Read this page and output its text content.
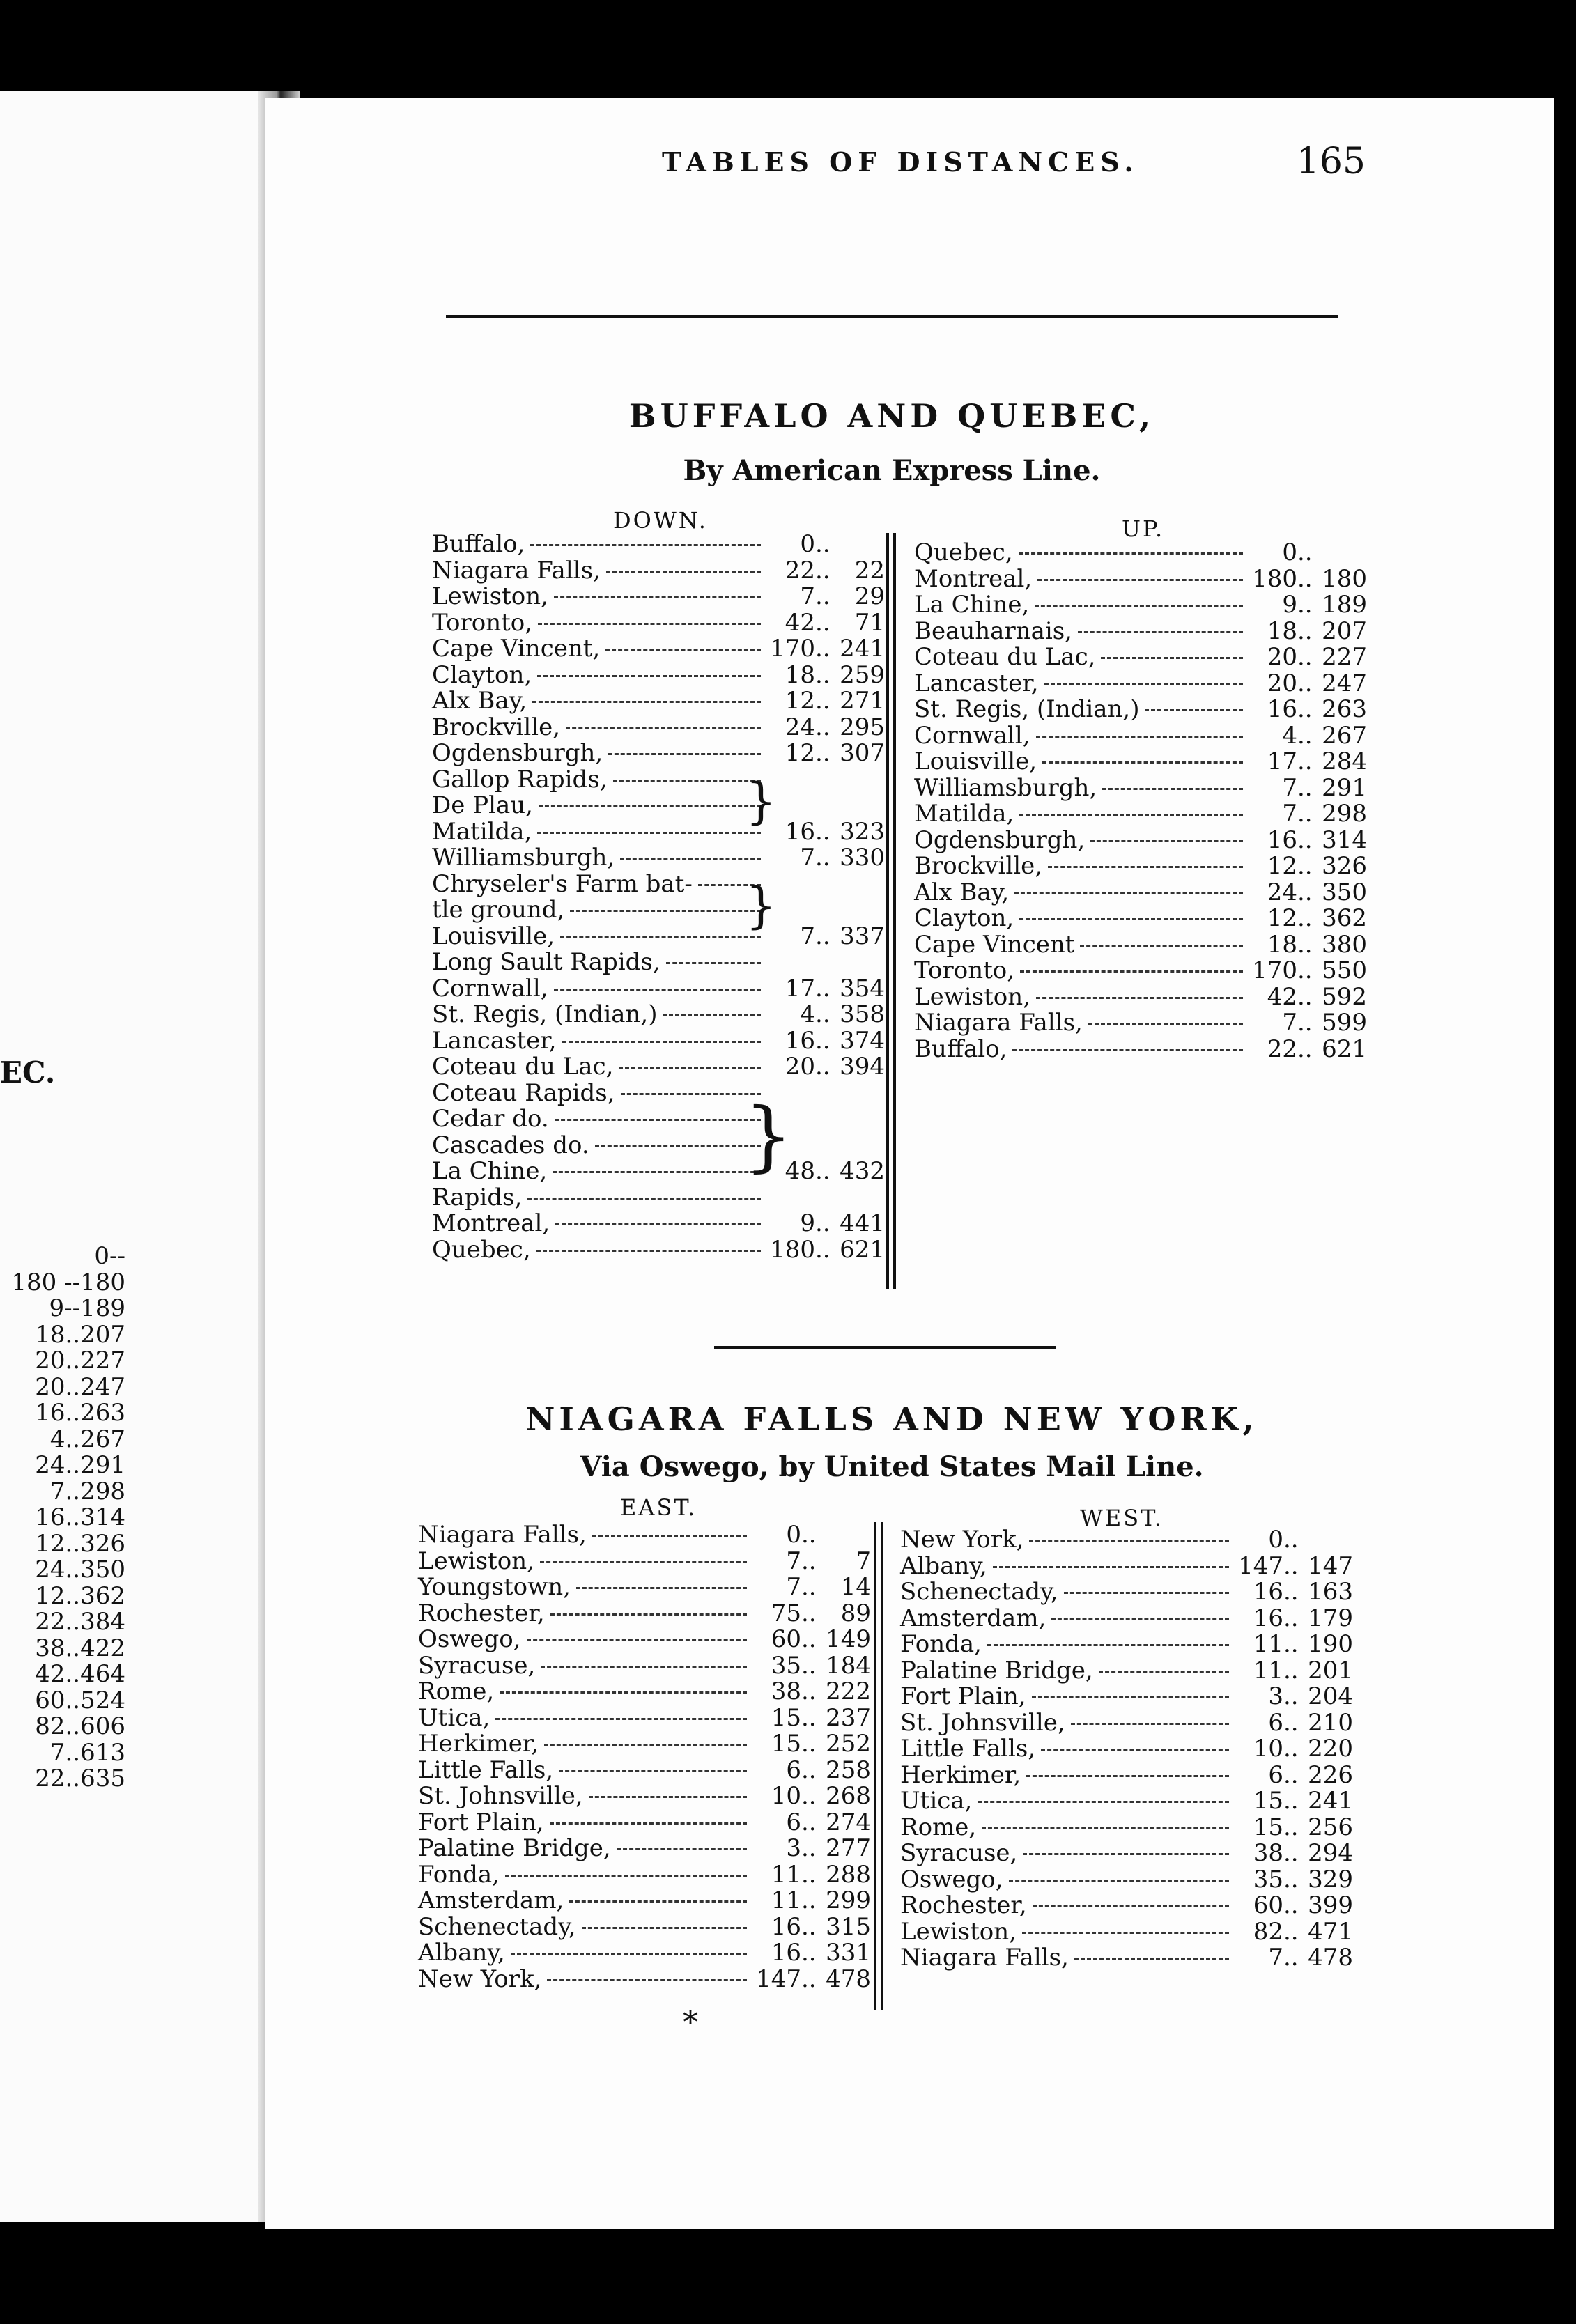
EC.
0--
180 --180
9--189
18..207
20..227
20..247
16..263
4..267
24..291
7..298
16..314
12..326
24..350
12..362
22..384
38..422
42..464
60..524
82..606
7..613
22..635
TABLES OF DISTANCES.	165
BUFFALO AND QUEBEC,
By American Express Line.
DOWN.	UP.
Buffalo,	0 ..
Niagara Falls,	22 ..	22
Lewiston,	7 ..	29
Toronto,	42 ..	71
Cape Vincent,	170 .. 241
Clayton,	18 .. 259
Alx Bay,	12 .. 271
Brockville,	24 .. 295
Ogdensburgh,	12 .. 307
Gallop Rapids,
De Plau,
Matilda,	16 .. 323
Williamsburgh,	7 .. 330
Chryseler's Farm bat-
tle ground,
Louisville,	7 .. 337
Long Sault Rapids,
Cornwall,	17 .. 354
St. Regis, (Indian,)	4 .. 358
Lancaster,	16 .. 374
Coteau du Lac,	20 .. 394
Coteau Rapids,
Cedar do.
Cascades do.
La Chine,	48 .. 432
Rapids,
Montreal,	9 .. 441
Quebec,	180 .. 621
Quebec,	0 ..
Montreal,	180 .. 180
La Chine,	9 .. 189
Beauharnais,	18 .. 207
Coteau du Lac,	20 .. 227
Lancaster,	20 .. 247
St. Regis, (Indian,)	16 .. 263
Cornwall,	4 .. 267
Louisville,	17 .. 284
Williamsburgh,	7 .. 291
Matilda,	7 .. 298
Ogdensburgh,	16 .. 314
Brockville,	12 .. 326
Alx Bay,	24 .. 350
Clayton,	12 .. 362
Cape Vincent	18 .. 380
Toronto,	170 .. 550
Lewiston,	42 .. 592
Niagara Falls,	7 .. 599
Buffalo,	22 .. 621
}
}
}
NIAGARA FALLS AND NEW YORK,
Via Oswego, by United States Mail Line.
EAST.	WEST.
Niagara Falls,	0 ..
Lewiston,	7 ..	7
Youngstown,	7 ..	14
Rochester,	75 ..	89
Oswego,	60 .. 149
Syracuse,	35 .. 184
Rome,	38 .. 222
Utica,	15 .. 237
Herkimer,	15 .. 252
Little Falls,	6 .. 258
St. Johnsville,	10 .. 268
Fort Plain,	6 .. 274
Palatine Bridge,	3 .. 277
Fonda,	11 .. 288
Amsterdam,	11 .. 299
Schenectady,	16 .. 315
Albany,	16 .. 331
New York,	147 .. 478
New York,	0 ..
Albany,	147 .. 147
Schenectady,	16 .. 163
Amsterdam,	16 .. 179
Fonda,	11 .. 190
Palatine Bridge,	11 .. 201
Fort Plain,	3 .. 204
St. Johnsville,	6 .. 210
Little Falls,	10 .. 220
Herkimer,	6 .. 226
Utica,	15 .. 241
Rome,	15 .. 256
Syracuse,	38 .. 294
Oswego,	35 .. 329
Rochester,	60 .. 399
Lewiston,	82 .. 471
Niagara Falls,	7 .. 478
*
